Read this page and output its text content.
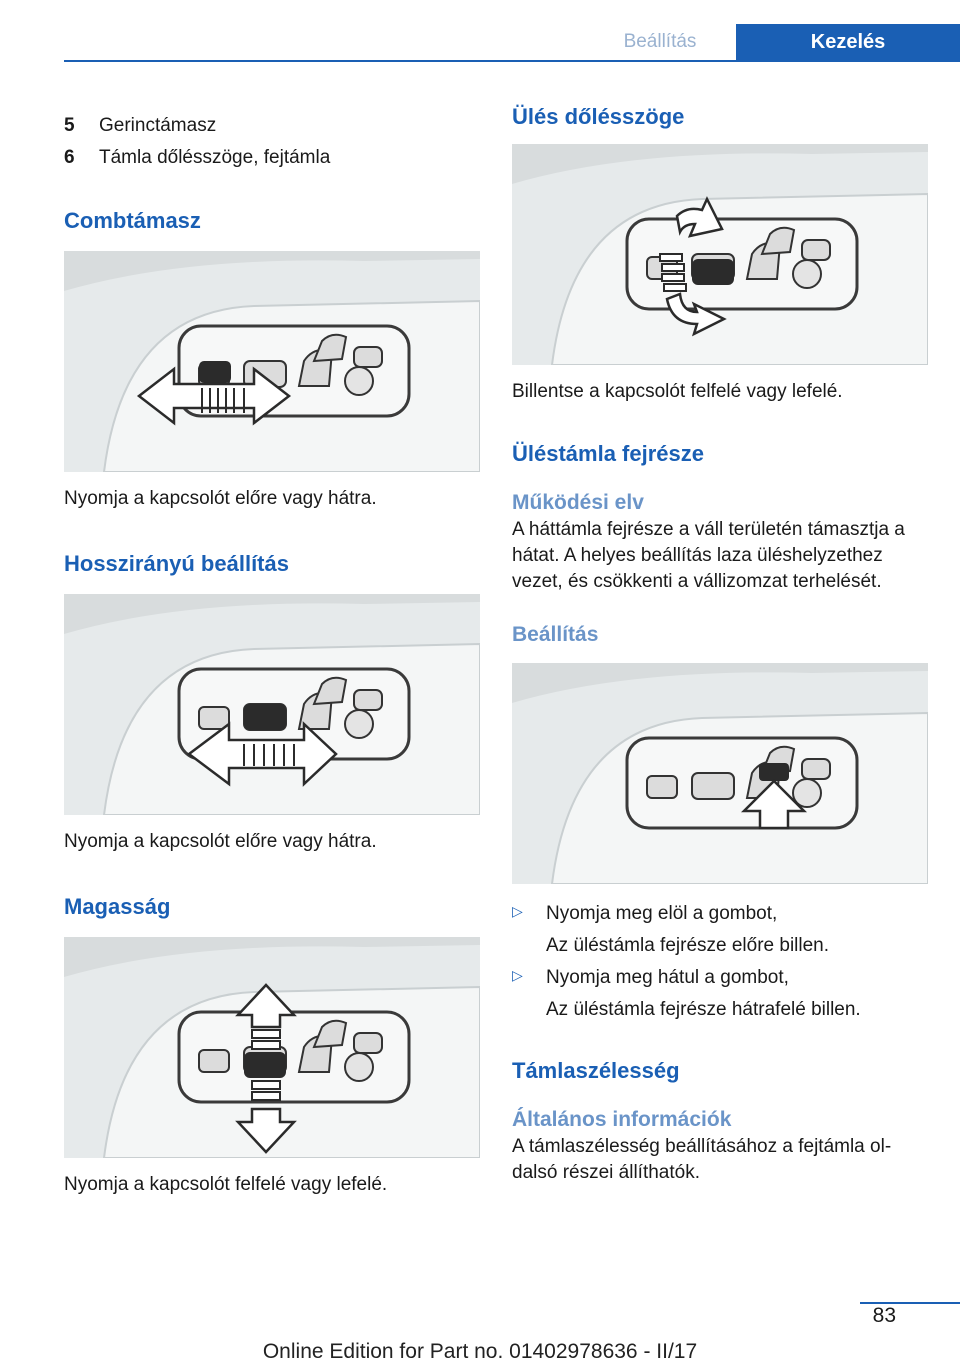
Beállítás	Kezelés
5	Gerinctámasz
6	Támla dőlésszöge, fejtámla
Combtámasz

Nyomja a kapcsolót előre vagy hátra.

Hosszirányú beállítás

Nyomja a kapcsolót előre vagy hátra.

Magasság

Nyomja a kapcsolót felfelé vagy lefelé.

Ülés dőlésszöge

Billentse a kapcsolót felfelé vagy lefelé.

Üléstámla fejrésze
Működési elv

A háttámla fejrésze a váll területén támasztja a hátat. A helyes beállítás laza üléshelyzethez vezet, és csökkenti a vállizomzat terhelését.

Beállítás
▷	Nyomja meg elöl a gombot,

Az üléstámla fejrésze előre billen.

▷	Nyomja meg hátul a gombot,

Az üléstámla fejrésze hátrafelé billen.

Támlaszélesség
Általános információk

A támlaszélesség beállításához a fejtámla ol-dalsó részei állíthatók.

83
Online Edition for Part no. 01402978636 - II/17
